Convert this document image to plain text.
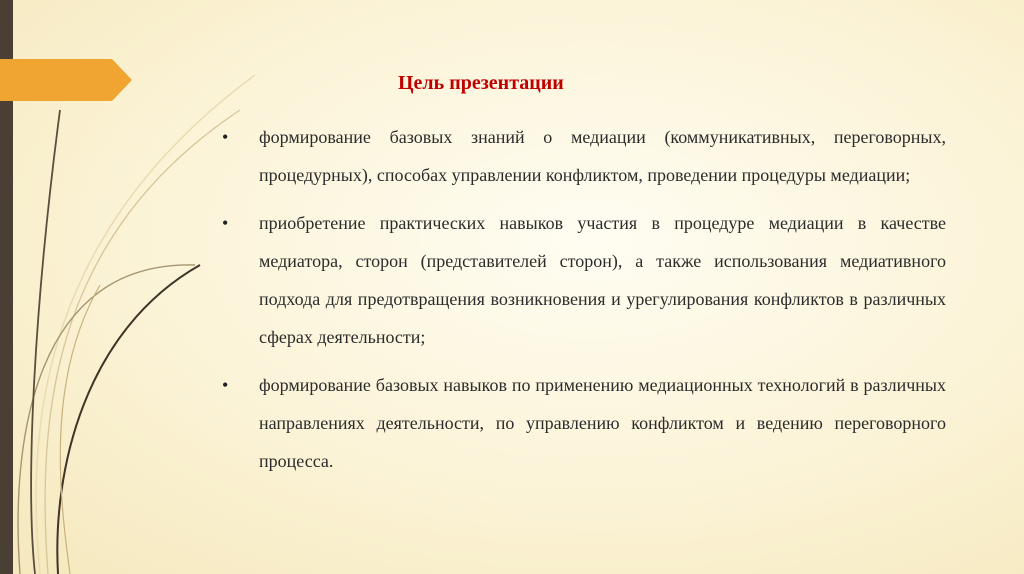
Цель презентации
•	формирование базовых знаний о медиации (коммуникативных, переговорных, процедурных), способах управлении конфликтом, проведении процедуры медиации;
•	приобретение практических навыков участия в процедуре медиации в качестве медиатора, сторон (представителей сторон), а также использования медиативного подхода для предотвращения возникновения и урегулирования конфликтов в различных сферах деятельности;
•	формирование базовых навыков по применению медиационных технологий в различных направлениях деятельности, по управлению конфликтом и ведению переговорного процесса.
